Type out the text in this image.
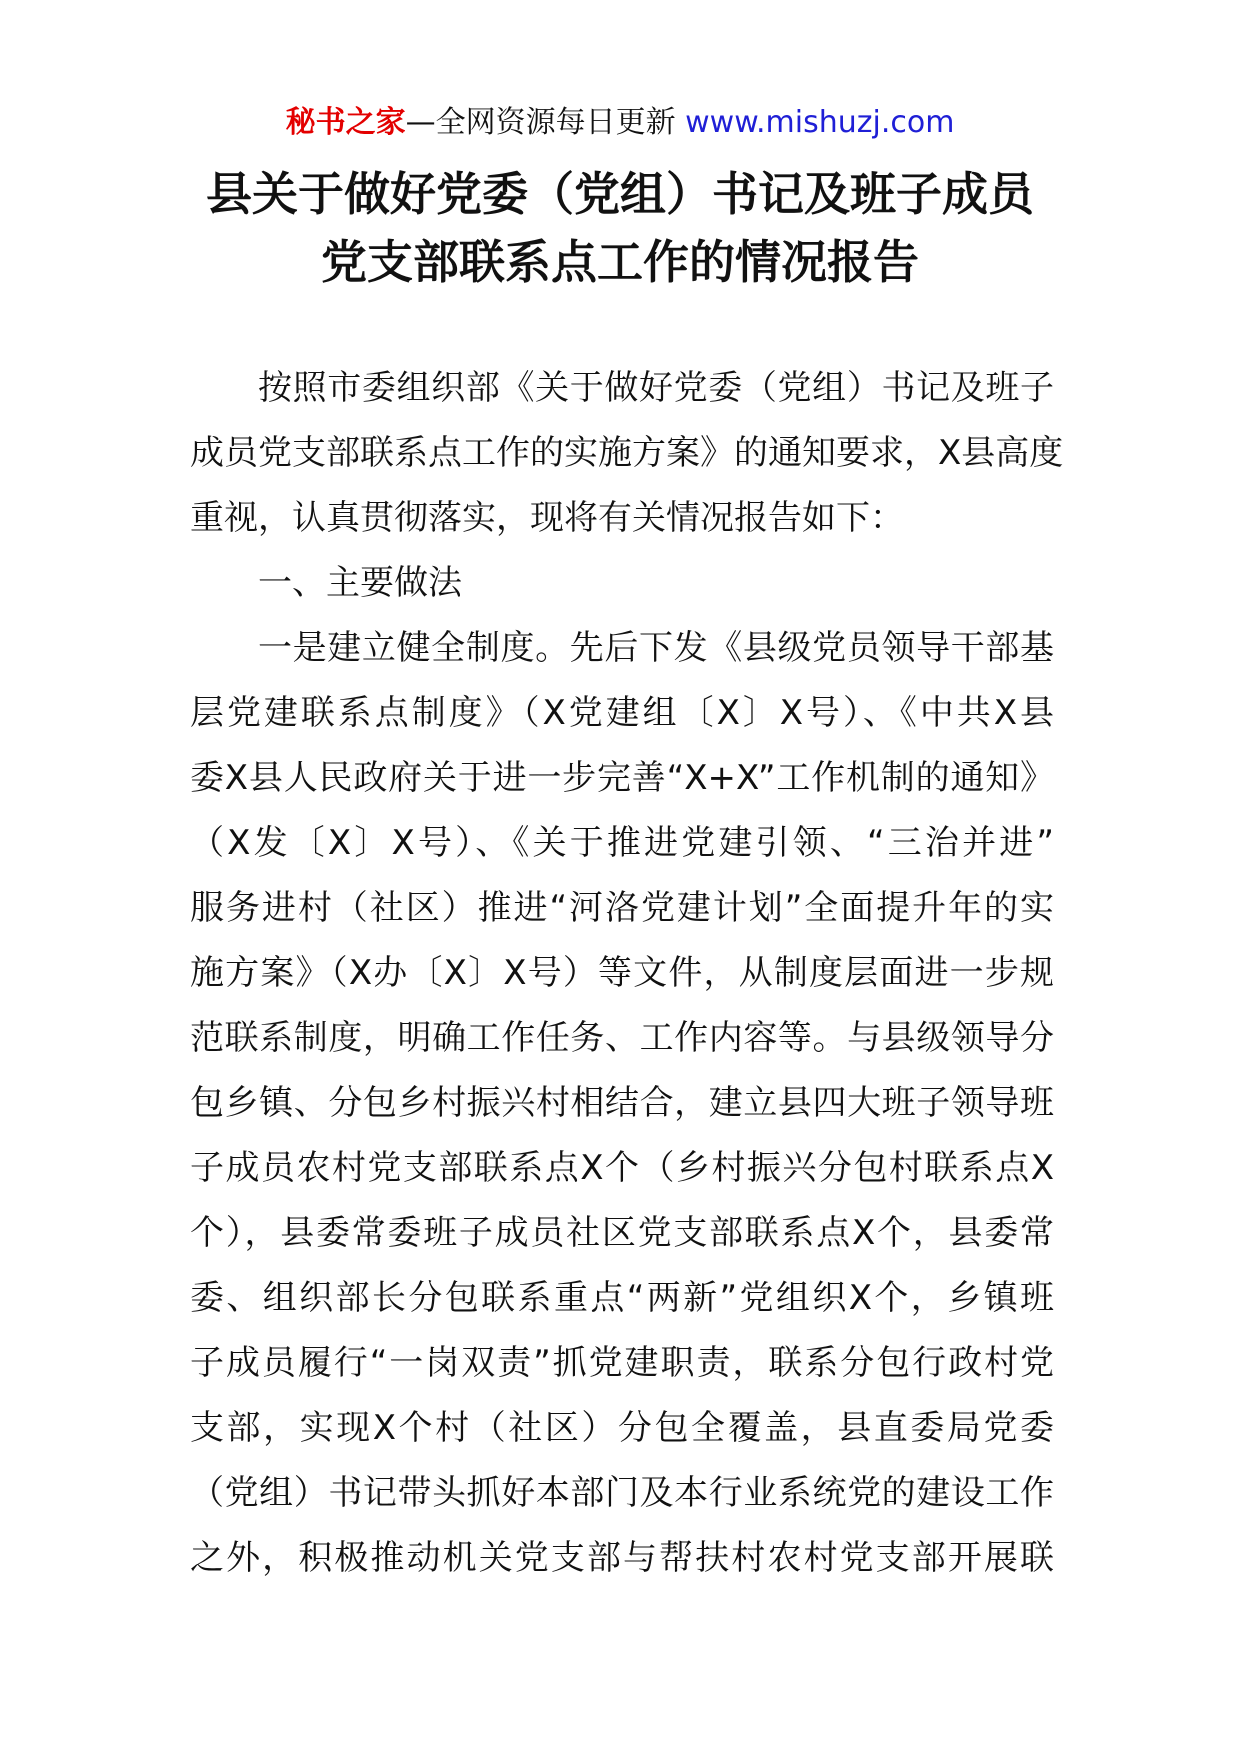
秘书之家—全网资源每日更新 www.mishuzj.com
县关于做好党委（党组）书记及班子成员
党支部联系点工作的情况报告

按照市委组织部《关于做好党委（党组）书记及班子
成员党支部联系点工作的实施方案》的通知要求，X县高度
重视，认真贯彻落实，现将有关情况报告如下：

一、主要做法

一是建立健全制度。先后下发《县级党员领导干部基
层党建联系点制度》（X党建组〔X〕X号）、《中共X县
委X县人民政府关于进一步完善“X+X”工作机制的通知》
（X发〔X〕X号）、《关于推进党建引领、“三治并进”
服务进村（社区）推进“河洛党建计划”全面提升年的实
施方案》（X办〔X〕X号）等文件，从制度层面进一步规
范联系制度，明确工作任务、工作内容等。与县级领导分
包乡镇、分包乡村振兴村相结合，建立县四大班子领导班
子成员农村党支部联系点X个（乡村振兴分包村联系点X
个），县委常委班子成员社区党支部联系点X个，县委常
委、组织部长分包联系重点“两新”党组织X个，乡镇班
子成员履行“一岗双责”抓党建职责，联系分包行政村党
支部，实现X个村（社区）分包全覆盖，县直委局党委
（党组）书记带头抓好本部门及本行业系统党的建设工作
之外，积极推动机关党支部与帮扶村农村党支部开展联
